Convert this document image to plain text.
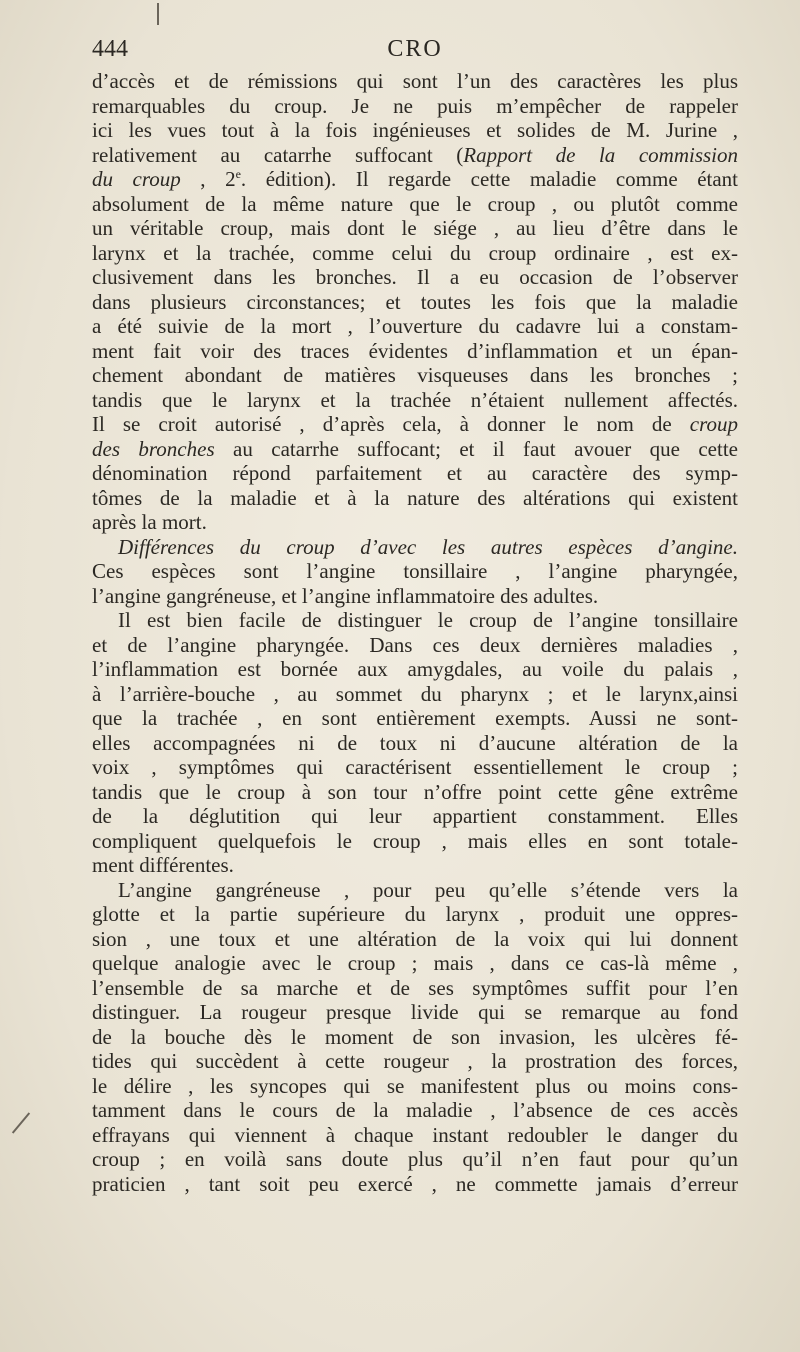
444	CRO
d’accès et de rémissions qui sont l’un des caractères les plus
remarquables du croup. Je ne puis m’empêcher de rappeler
ici les vues tout à la fois ingénieuses et solides de M. Jurine ,
relativement au catarrhe suffocant (Rapport de la commission
du croup , 2e. édition). Il regarde cette maladie comme étant
absolument de la même nature que le croup , ou plutôt comme
un véritable croup, mais dont le siége , au lieu d’être dans le
larynx et la trachée, comme celui du croup ordinaire , est ex-
clusivement dans les bronches. Il a eu occasion de l’observer
dans plusieurs circonstances; et toutes les fois que la maladie
a été suivie de la mort , l’ouverture du cadavre lui a constam-
ment fait voir des traces évidentes d’inflammation et un épan-
chement abondant de matières visqueuses dans les bronches ;
tandis que le larynx et la trachée n’étaient nullement affectés.
Il se croit autorisé , d’après cela, à donner le nom de croup
des bronches au catarrhe suffocant; et il faut avouer que cette
dénomination répond parfaitement et au caractère des symp-
tômes de la maladie et à la nature des altérations qui existent
après la mort.
Différences du croup d’avec les autres espèces d’angine.
Ces espèces sont l’angine tonsillaire , l’angine pharyngée,
l’angine gangréneuse, et l’angine inflammatoire des adultes.
Il est bien facile de distinguer le croup de l’angine tonsillaire
et de l’angine pharyngée. Dans ces deux dernières maladies ,
l’inflammation est bornée aux amygdales, au voile du palais ,
à l’arrière-bouche , au sommet du pharynx ; et le larynx,ainsi
que la trachée , en sont entièrement exempts. Aussi ne sont-
elles accompagnées ni de toux ni d’aucune altération de la
voix , symptômes qui caractérisent essentiellement le croup ;
tandis que le croup à son tour n’offre point cette gêne extrême
de la déglutition qui leur appartient constamment. Elles
compliquent quelquefois le croup , mais elles en sont totale-
ment différentes.
L’angine gangréneuse , pour peu qu’elle s’étende vers la
glotte et la partie supérieure du larynx , produit une oppres-
sion , une toux et une altération de la voix qui lui donnent
quelque analogie avec le croup ; mais , dans ce cas-là même ,
l’ensemble de sa marche et de ses symptômes suffit pour l’en
distinguer. La rougeur presque livide qui se remarque au fond
de la bouche dès le moment de son invasion, les ulcères fé-
tides qui succèdent à cette rougeur , la prostration des forces,
le délire , les syncopes qui se manifestent plus ou moins cons-
tamment dans le cours de la maladie , l’absence de ces accès
effrayans qui viennent à chaque instant redoubler le danger du
croup ; en voilà sans doute plus qu’il n’en faut pour qu’un
praticien , tant soit peu exercé , ne commette jamais d’erreur
